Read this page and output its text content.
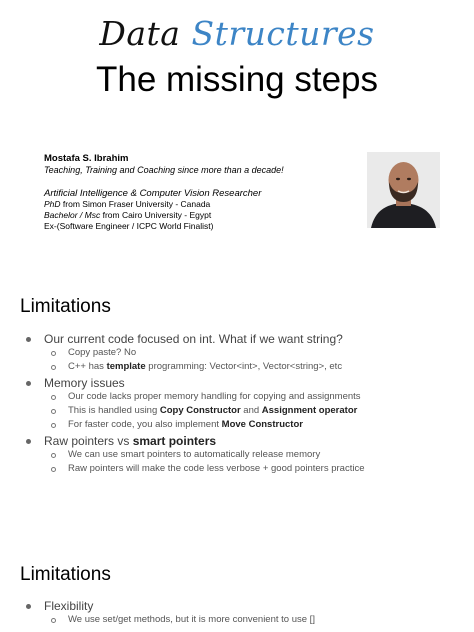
Data Structures
The missing steps
Mostafa S. Ibrahim
Teaching, Training and Coaching since more than a decade!
Artificial Intelligence & Computer Vision Researcher
PhD from Simon Fraser University - Canada
Bachelor / Msc from Cairo University - Egypt
Ex-(Software Engineer / ICPC World Finalist)
Limitations
Our current code focused on int. What if we want string?
Copy paste? No
C++ has template programming: Vector<int>, Vector<string>, etc
Memory issues
Our code lacks proper memory handling for copying and assignments
This is handled using Copy Constructor and Assignment operator
For faster code, you also implement Move Constructor
Raw pointers vs smart pointers
We can use smart pointers to automatically release memory
Raw pointers will make the code less verbose + good pointers practice
Limitations
Flexibility
We use set/get methods, but it is more convenient to use []
